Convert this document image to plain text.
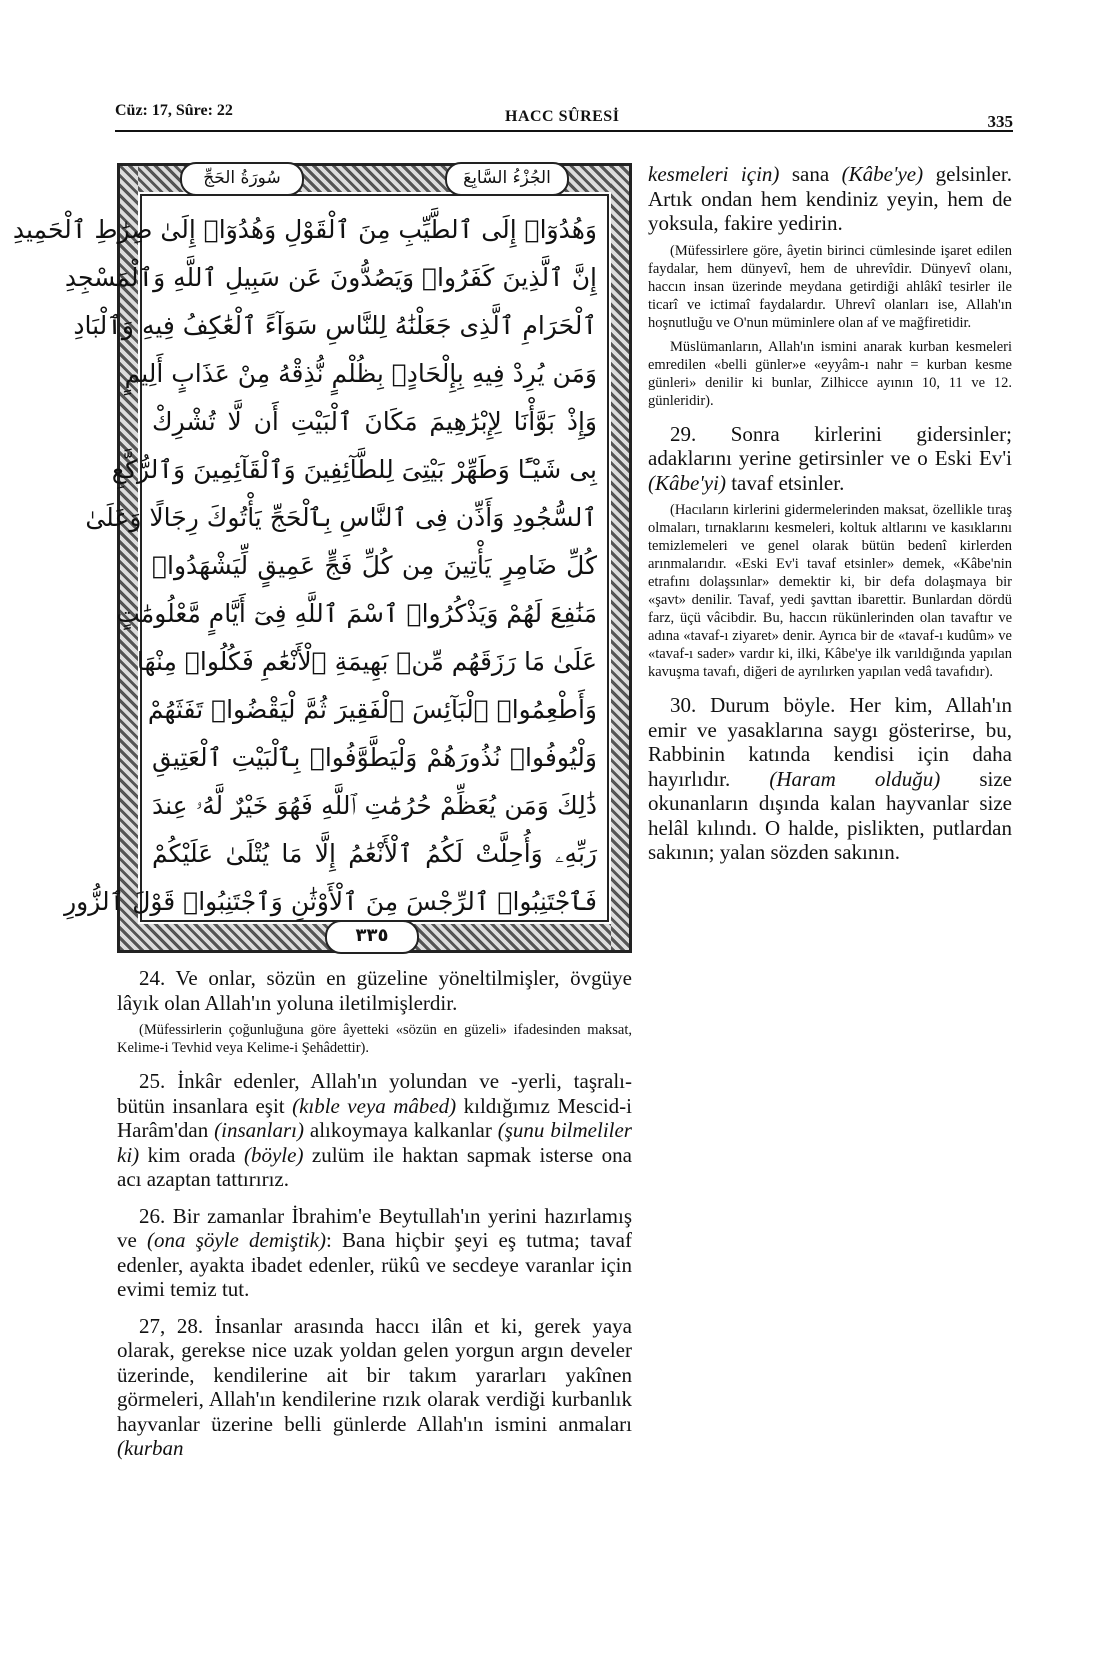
Cüz: 17, Sûre: 22	HACC SÛRESİ	335
سُورَةُ الحَجِّ	الجُزْءُ السَّابِعَ
وَهُدُوٓا۟ إِلَى ٱلطَّيِّبِ مِنَ ٱلْقَوْلِ وَهُدُوٓا۟ إِلَىٰ صِرَٰطِ ٱلْحَمِيدِ
إِنَّ ٱلَّذِينَ كَفَرُوا۟ وَيَصُدُّونَ عَن سَبِيلِ ٱللَّهِ وَٱلْمَسْجِدِ
ٱلْحَرَامِ ٱلَّذِى جَعَلْنَٰهُ لِلنَّاسِ سَوَآءً ٱلْعَٰكِفُ فِيهِ وَٱلْبَادِ
وَمَن يُرِدْ فِيهِ بِإِلْحَادٍۭ بِظُلْمٍ نُّذِقْهُ مِنْ عَذَابٍ أَلِيمٍ
وَإِذْ بَوَّأْنَا لِإِبْرَٰهِيمَ مَكَانَ ٱلْبَيْتِ أَن لَّا تُشْرِكْ
بِى شَيْـًٔا وَطَهِّرْ بَيْتِىَ لِلطَّآئِفِينَ وَٱلْقَآئِمِينَ وَٱلرُّكَّعِ
ٱلسُّجُودِ وَأَذِّن فِى ٱلنَّاسِ بِٱلْحَجِّ يَأْتُوكَ رِجَالًا وَعَلَىٰ
كُلِّ ضَامِرٍ يَأْتِينَ مِن كُلِّ فَجٍّ عَمِيقٍ لِّيَشْهَدُوا۟
مَنَٰفِعَ لَهُمْ وَيَذْكُرُوا۟ ٱسْمَ ٱللَّهِ فِىٓ أَيَّامٍ مَّعْلُومَٰتٍ
عَلَىٰ مَا رَزَقَهُم مِّنۢ بَهِيمَةِ ٱلْأَنْعَٰمِ فَكُلُوا۟ مِنْهَا
وَأَطْعِمُوا۟ ٱلْبَآئِسَ ٱلْفَقِيرَ ثُمَّ لْيَقْضُوا۟ تَفَثَهُمْ
وَلْيُوفُوا۟ نُذُورَهُمْ وَلْيَطَّوَّفُوا۟ بِٱلْبَيْتِ ٱلْعَتِيقِ
ذَٰلِكَ وَمَن يُعَظِّمْ حُرُمَٰتِ ٱللَّهِ فَهُوَ خَيْرٌ لَّهُۥ عِندَ
رَبِّهِۦ وَأُحِلَّتْ لَكُمُ ٱلْأَنْعَٰمُ إِلَّا مَا يُتْلَىٰ عَلَيْكُمْ
فَٱجْتَنِبُوا۟ ٱلرِّجْسَ مِنَ ٱلْأَوْثَٰنِ وَٱجْتَنِبُوا۟ قَوْلَ ٱلزُّورِ
٣٣٥

24. Ve onlar, sözün en güzeline yöneltilmişler, övgüye lâyık olan Allah'ın yoluna iletilmişlerdir.

(Müfessirlerin çoğunluğuna göre âyetteki «sözün en güzeli» ifadesinden maksat, Kelime-i Tevhid veya Kelime-i Şehâdettir).

25. İnkâr edenler, Allah'ın yolundan ve -yerli, taşralı- bütün insanlara eşit (kıble veya mâbed) kıldığımız Mescid-i Harâm'dan (insanları) alıkoymaya kalkanlar (şunu bilmeliler ki) kim orada (böyle) zulüm ile haktan sapmak isterse ona acı azaptan tattırırız.

26. Bir zamanlar İbrahim'e Beytullah'ın yerini hazırlamış ve (ona şöyle demiştik): Bana hiçbir şeyi eş tutma; tavaf edenler, ayakta ibadet edenler, rükû ve secdeye varanlar için evimi temiz tut.

27, 28. İnsanlar arasında haccı ilân et ki, gerek yaya olarak, gerekse nice uzak yoldan gelen yorgun argın develer üzerinde, kendilerine ait bir takım yararları yakînen görmeleri, Allah'ın kendilerine rızık olarak verdiği kurbanlık hayvanlar üzerine belli günlerde Allah'ın ismini anmaları (kurban

kesmeleri için) sana (Kâbe'ye) gelsinler. Artık ondan hem kendiniz yeyin, hem de yoksula, fakire yedirin.

(Müfessirlere göre, âyetin birinci cümlesinde işaret edilen faydalar, hem dünyevî, hem de uhrevîdir. Dünyevî olanı, haccın insan üzerinde meydana getirdiği ahlâkî tesirler ile ticarî ve ictimaî faydalardır. Uhrevî olanları ise, Allah'ın hoşnutluğu ve O'nun müminlere olan af ve mağfiretidir.

Müslümanların, Allah'ın ismini anarak kurban kesmeleri emredilen «belli günler»e «eyyâm-ı nahr = kurban kesme günleri» denilir ki bunlar, Zilhicce ayının 10, 11 ve 12. günleridir).

29. Sonra kirlerini gidersinler; adaklarını yerine getirsinler ve o Eski Ev'i (Kâbe'yi) tavaf etsinler.

(Hacıların kirlerini gidermelerinden maksat, özellikle tıraş olmaları, tırnaklarını kesmeleri, koltuk altlarını ve kasıklarını temizlemeleri ve genel olarak bütün bedenî kirlerden arınmalarıdır. «Eski Ev'i tavaf etsinler» demek, «Kâbe'nin etrafını dolaşsınlar» demektir ki, bir defa dolaşmaya bir «şavt» denilir. Tavaf, yedi şavttan ibarettir. Bunlardan dördü farz, üçü vâcibdir. Bu, haccın rükünlerinden olan tavaftır ve adına «tavaf-ı ziyaret» denir. Ayrıca bir de «tavaf-ı kudûm» ve «tavaf-ı sader» vardır ki, ilki, Kâbe'ye ilk varıldığında yapılan kavuşma tavafı, diğeri de ayrılırken yapılan vedâ tavafıdır).

30. Durum böyle. Her kim, Allah'ın emir ve yasaklarına saygı gösterirse, bu, Rabbinin katında kendisi için daha hayırlıdır. (Haram olduğu) size okunanların dışında kalan hayvanlar size helâl kılındı. O halde, pislikten, putlardan sakının; yalan sözden sakının.
